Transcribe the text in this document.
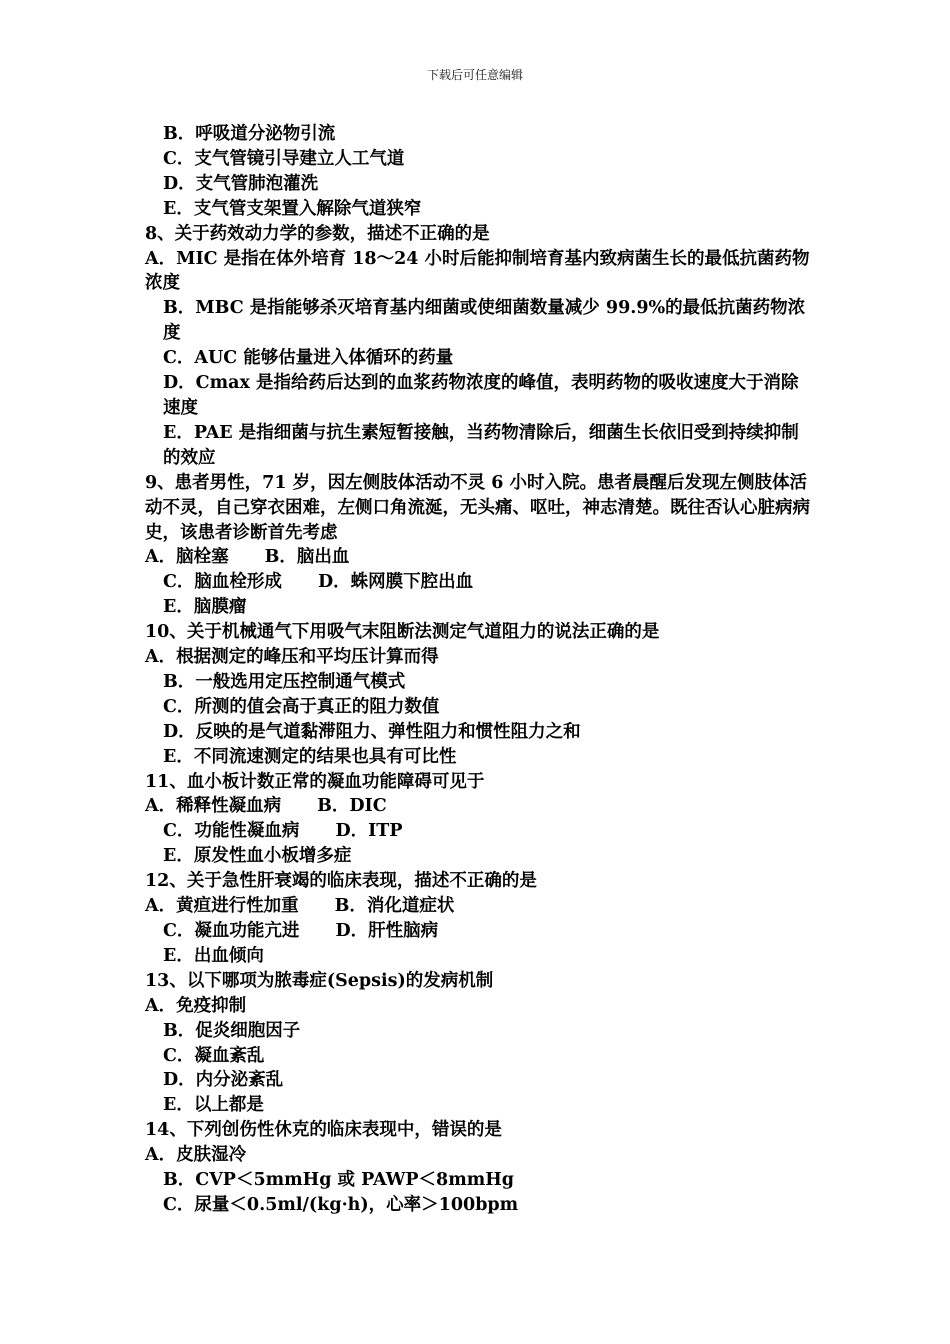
下载后可任意编辑
B．呼吸道分泌物引流
C．支气管镜引导建立人工气道
D．支气管肺泡灌洗
E．支气管支架置入解除气道狭窄
8、关于药效动力学的参数，描述不正确的是
A．MIC 是指在体外培育 18～24 小时后能抑制培育基内致病菌生长的最低抗菌药物浓度
B．MBC 是指能够杀灭培育基内细菌或使细菌数量减少 99.9%的最低抗菌药物浓度
C．AUC 能够估量进入体循环的药量
D．Cmax 是指给药后达到的血浆药物浓度的峰值，表明药物的吸收速度大于消除速度
E．PAE 是指细菌与抗生素短暂接触，当药物清除后，细菌生长依旧受到持续抑制的效应
9、患者男性，71 岁，因左侧肢体活动不灵 6 小时入院。患者晨醒后发现左侧肢体活动不灵，自己穿衣困难，左侧口角流涎，无头痛、呕吐，神志清楚。既往否认心脏病病史，该患者诊断首先考虑
A．脑栓塞 B．脑出血
C．脑血栓形成 D．蛛网膜下腔出血
E．脑膜瘤
10、关于机械通气下用吸气末阻断法测定气道阻力的说法正确的是
A．根据测定的峰压和平均压计算而得
B．一般选用定压控制通气模式
C．所测的值会高于真正的阻力数值
D．反映的是气道黏滞阻力、弹性阻力和惯性阻力之和
E．不同流速测定的结果也具有可比性
11、血小板计数正常的凝血功能障碍可见于
A．稀释性凝血病 B．DIC
C．功能性凝血病 D．ITP
E．原发性血小板增多症
12、关于急性肝衰竭的临床表现，描述不正确的是
A．黄疸进行性加重 B．消化道症状
C．凝血功能亢进 D．肝性脑病
E．出血倾向
13、以下哪项为脓毒症(Sepsis)的发病机制
A．免疫抑制
B．促炎细胞因子
C．凝血紊乱
D．内分泌紊乱
E．以上都是
14、下列创伤性休克的临床表现中，错误的是
A．皮肤湿冷
B．CVP＜5mmHg 或 PAWP＜8mmHg
C．尿量＜0.5ml/(kg·h)，心率＞100bpm
